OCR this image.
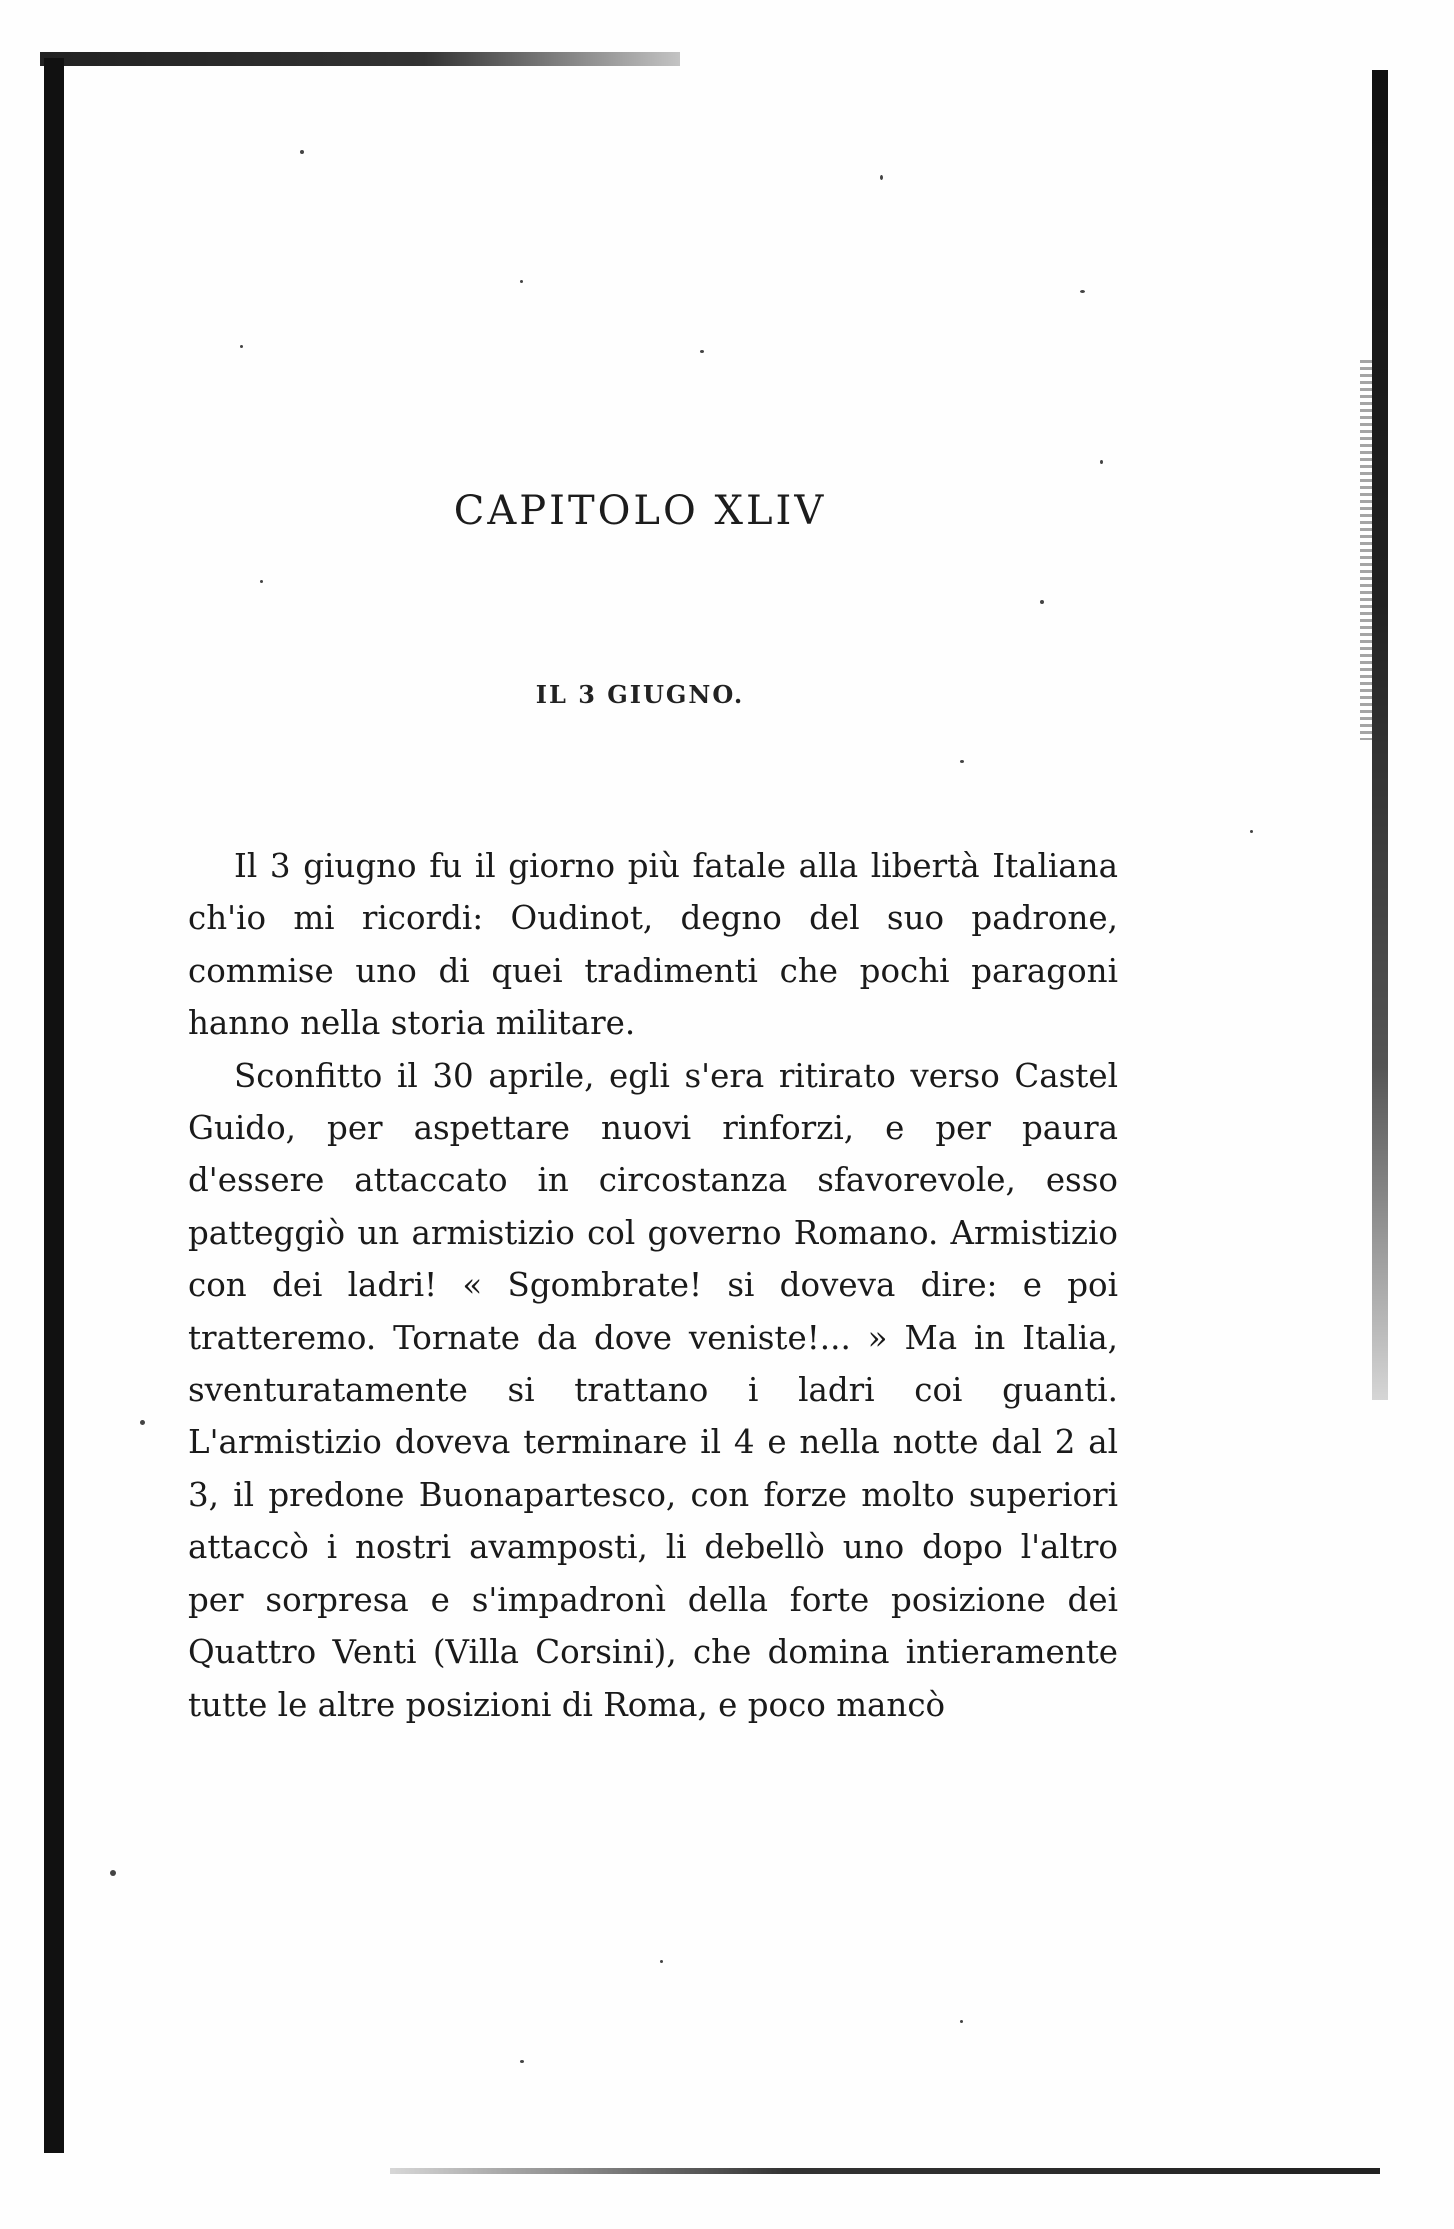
CAPITOLO XLIV
IL 3 GIUGNO.

Il 3 giugno fu il giorno più fatale alla libertà Italiana ch'io mi ricordi: Oudinot, degno del suo padrone, commise uno di quei tradimenti che pochi paragoni hanno nella storia militare.

Sconfitto il 30 aprile, egli s'era ritirato verso Castel Guido, per aspettare nuovi rinforzi, e per paura d'essere attaccato in circostanza sfavorevole, esso patteggiò un armistizio col governo Romano. Armistizio con dei ladri! « Sgombrate! si doveva dire: e poi tratteremo. Tornate da dove veniste!... » Ma in Italia, sventuratamente si trattano i ladri coi guanti. L'armistizio doveva terminare il 4 e nella notte dal 2 al 3, il predone Buonapartesco, con forze molto superiori attaccò i nostri avamposti, li debellò uno dopo l'altro per sorpresa e s'impadronì della forte posizione dei Quattro Venti (Villa Corsini), che domina intieramente tutte le altre posizioni di Roma, e poco mancò
